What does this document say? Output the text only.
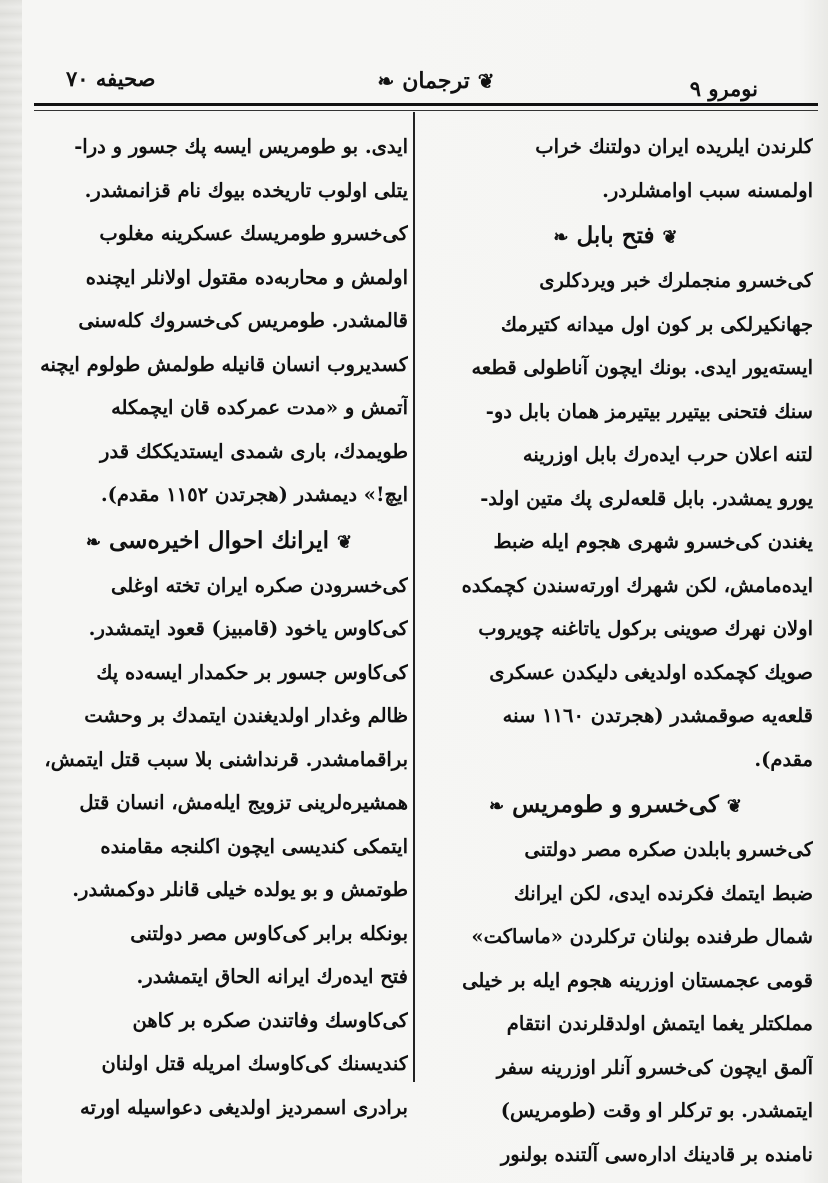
صحيفه ٧٠	❦ترجمان❧	نومرو ٩
كلرندن ايلريده ايران دولتنك خراب
اولمسنه سبب اوامشلردر.
❦فتح بابل❧
كى‌خسرو منجملرك خبر ويردكلرى
جهانكيرلكى بر كون اول ميدانه كتيرمك
ايسته‌يور ايدى. بونك ايچون آناطولى قطعه
سنك فتحنى بيتيرر بيتيرمز همان بابل دو-
لتنه اعلان حرب ايده‌رك بابل اوزرينه
يورو يمشدر. بابل قلعه‌لرى پك متين اولد-
يغندن كى‌خسرو شهرى هجوم ايله ضبط
ايده‌مامش، لكن شهرك اورته‌سندن كچمكده
اولان نهرك صوينى بركول ياتاغنه چويروب
صويك كچمكده اولديغى دليكدن عسكرى
قلعه‌يه صوقمشدر (هجرتدن ١١٦٠ سنه
مقدم).
❦كى‌خسرو و طومريس❧
كى‌خسرو بابلدن صكره مصر دولتنى
ضبط ايتمك فكرنده ايدى، لكن ايرانك
شمال طرفنده بولنان تركلردن «ماساكت»
قومى عجمستان اوزرينه هجوم ايله بر خيلى
مملكتلر يغما ايتمش اولدقلرندن انتقام
آلمق ايچون كى‌خسرو آنلر اوزرينه سفر
ايتمشدر. بو تركلر او وقت (طومريس)
نامنده بر قادينك اداره‌سى آلتنده بولنور
ايدى. بو طومريس ايسه پك جسور و درا-
يتلى اولوب تاريخده بيوك نام قزانمشدر.
كى‌خسرو طومريسك عسكرينه مغلوب
اولمش و محاربه‌ده مقتول اولانلر ايچنده
قالمشدر. طومريس كى‌خسروك كله‌سنى
كسديروب انسان قانيله طولمش طولوم ايچنه
آتمش و «مدت عمركده قان ايچمكله
طويمدك، بارى شمدى ايستديككك قدر
ايچ!» ديمشدر (هجرتدن ١١٥٢ مقدم).
❦ايرانك احوال اخيره‌سى❧
كى‌خسرودن صكره ايران تخته اوغلى
كى‌كاوس ياخود (قامبيز) قعود ايتمشدر.
كى‌كاوس جسور بر حكمدار ايسه‌ده پك
ظالم وغدار اولديغندن ايتمدك بر وحشت
براقمامشدر. قرنداشنى بلا سبب قتل ايتمش،
همشيره‌لرينى تزويج ايله‌مش، انسان قتل
ايتمكى كنديسى ايچون اكلنجه مقامنده
طوتمش و بو يولده خيلى قانلر دوكمشدر.
بونكله برابر كى‌كاوس مصر دولتنى
فتح ايده‌رك ايرانه الحاق ايتمشدر.
كى‌كاوسك وفاتندن صكره بر كاهن
كنديسنك كى‌كاوسك امريله قتل اولنان
برادرى اسمرديز اولديغى دعواسيله اورته
